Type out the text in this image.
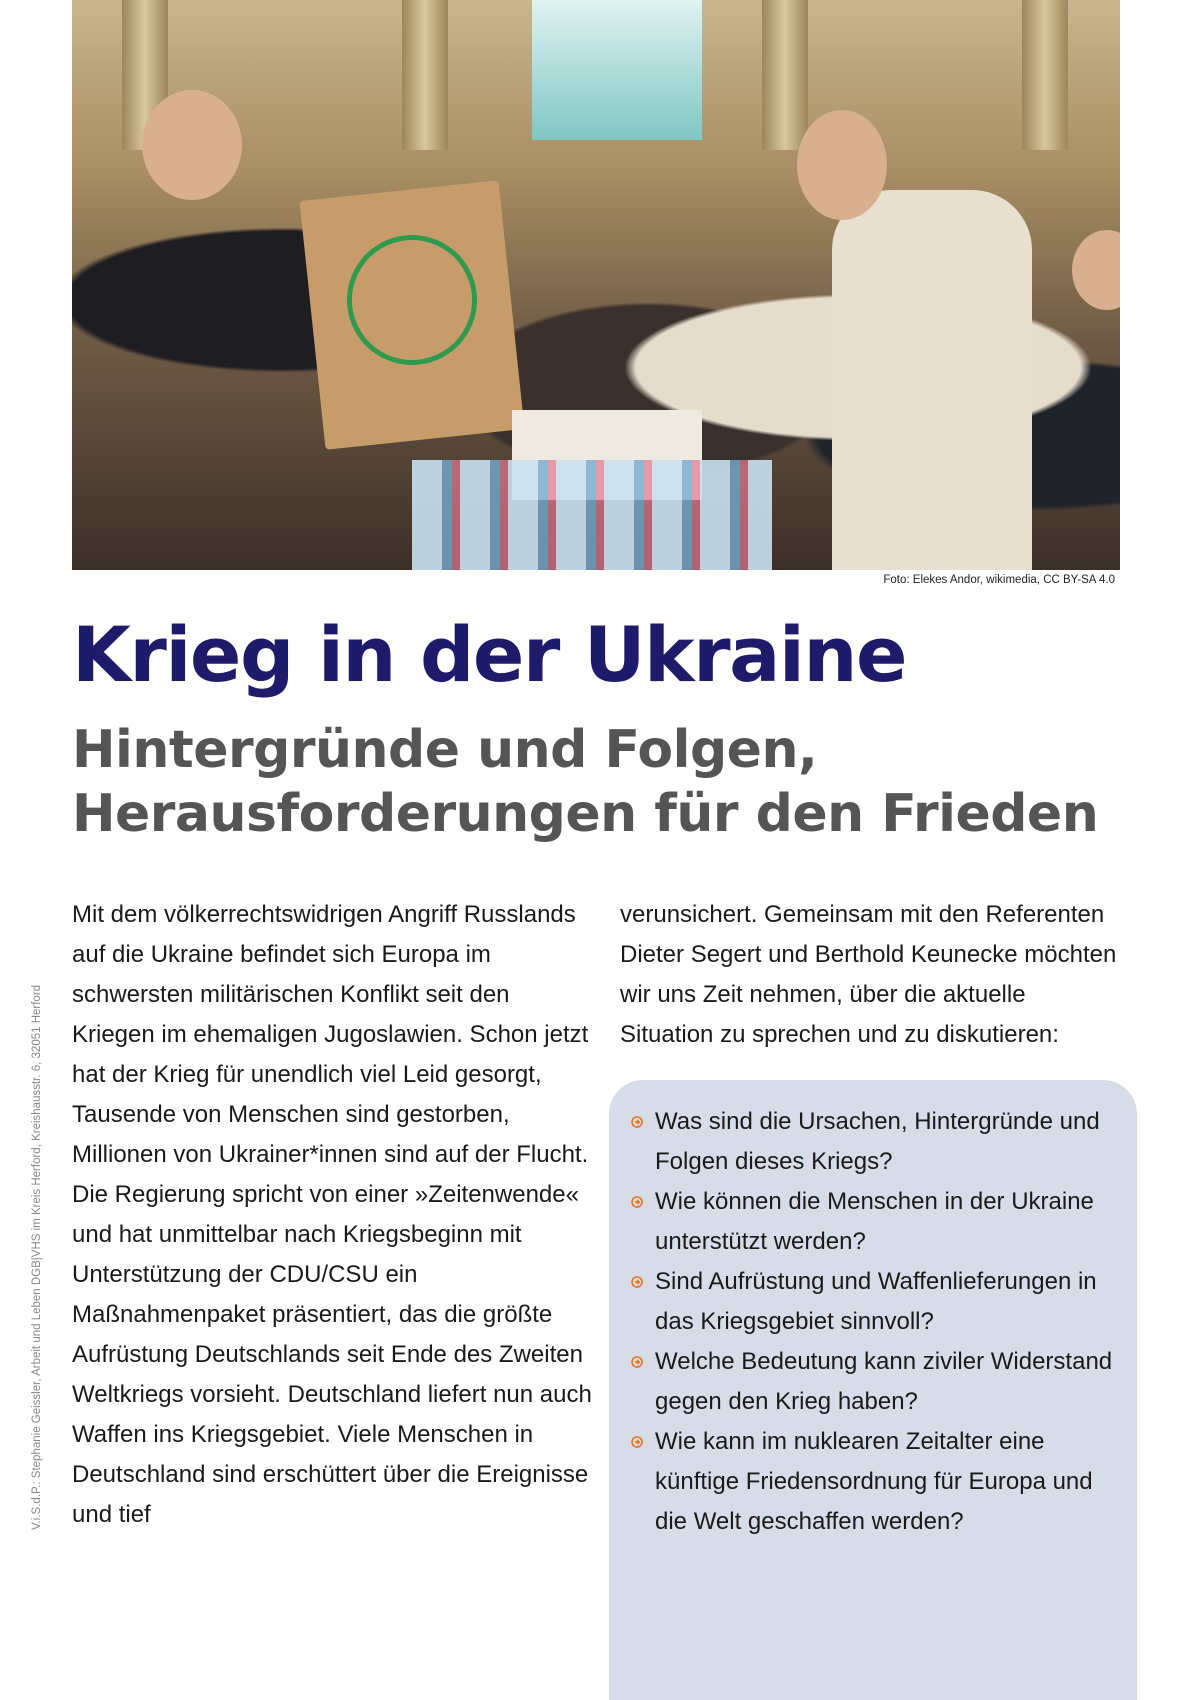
Foto: Elekes Andor, wikimedia, CC BY-SA 4.0
Krieg in der Ukraine
Hintergründe und Folgen,
Herausforderungen für den Frieden
V.i.S.d.P.: Stephanie Geissler, Arbeit und Leben DGB|VHS im Kreis Herford, Kreishausstr. 6, 32051 Herford
Mit dem völkerrechtswidrigen Angriff Russlands auf die Ukraine befindet sich Europa im schwersten militärischen Konflikt seit den Kriegen im ehemaligen Jugoslawien. Schon jetzt hat der Krieg für unendlich viel Leid gesorgt, Tausende von Menschen sind gestorben, Millionen von Ukrainer*innen sind auf der Flucht. Die Regierung spricht von einer »Zeitenwende« und hat unmittelbar nach Kriegsbeginn mit Unterstützung der CDU/CSU ein Maßnahmenpaket präsentiert, das die größte Aufrüstung Deutschlands seit Ende des Zweiten Weltkriegs vorsieht. Deutschland liefert nun auch Waffen ins Kriegsgebiet. Viele Menschen in Deutschland sind erschüttert über die Ereignisse und tief
verunsichert. Gemeinsam mit den Referenten Dieter Segert und Berthold Keunecke möchten wir uns Zeit nehmen, über die aktuelle Situation zu sprechen und zu diskutieren:
Was sind die Ursachen, Hintergründe und Folgen dieses Kriegs?
Wie können die Menschen in der Ukraine unterstützt werden?
Sind Aufrüstung und Waffenlieferungen in das Kriegsgebiet sinnvoll?
Welche Bedeutung kann ziviler Widerstand gegen den Krieg haben?
Wie kann im nuklearen Zeitalter eine künftige Friedensordnung für Europa und die Welt geschaffen werden?
